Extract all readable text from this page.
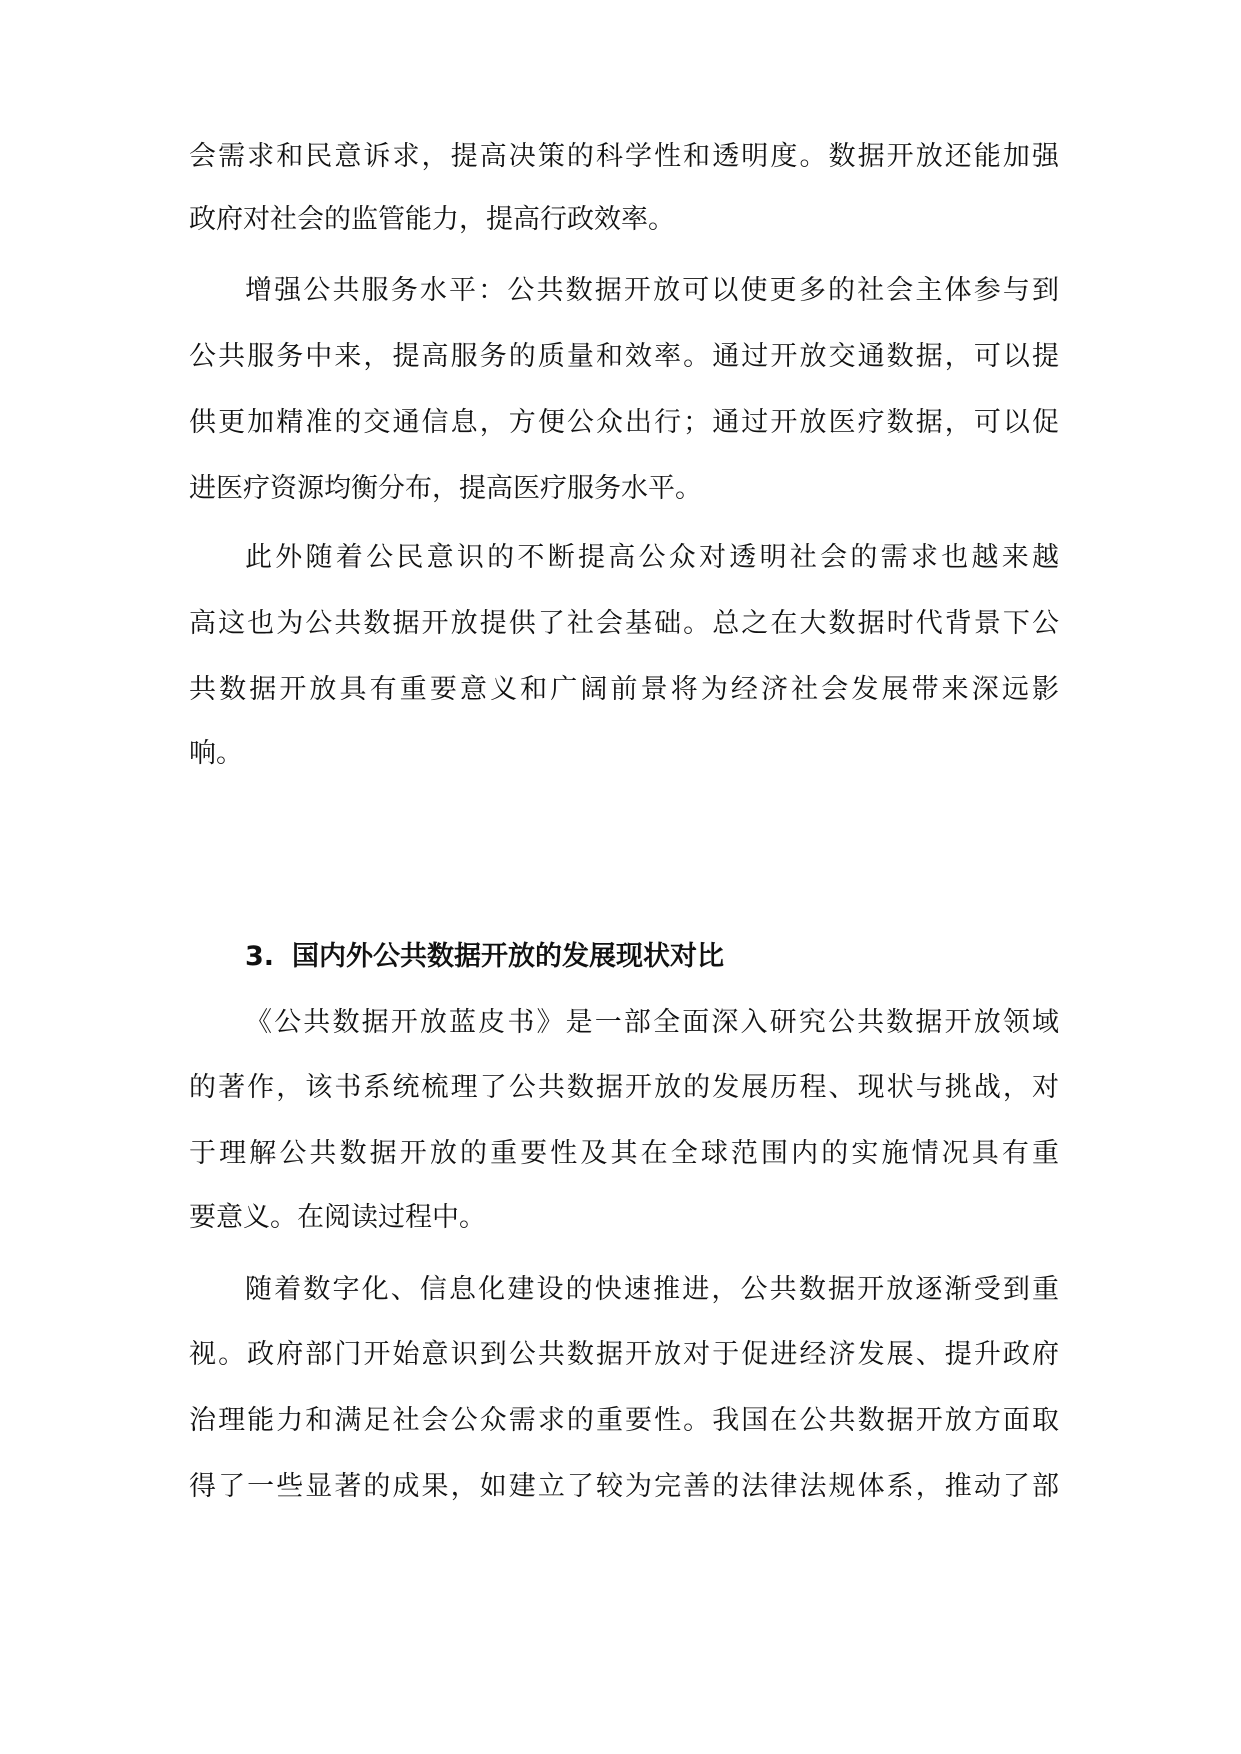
会需求和民意诉求，提高决策的科学性和透明度。数据开放还能加强
政府对社会的监管能力，提高行政效率。
增强公共服务水平：公共数据开放可以使更多的社会主体参与到
公共服务中来，提高服务的质量和效率。通过开放交通数据，可以提
供更加精准的交通信息，方便公众出行；通过开放医疗数据，可以促
进医疗资源均衡分布，提高医疗服务水平。
此外随着公民意识的不断提高公众对透明社会的需求也越来越
高这也为公共数据开放提供了社会基础。总之在大数据时代背景下公
共数据开放具有重要意义和广阔前景将为经济社会发展带来深远影
响。
3. 国内外公共数据开放的发展现状对比
《公共数据开放蓝皮书》是一部全面深入研究公共数据开放领域
的著作，该书系统梳理了公共数据开放的发展历程、现状与挑战，对
于理解公共数据开放的重要性及其在全球范围内的实施情况具有重
要意义。在阅读过程中。
随着数字化、信息化建设的快速推进，公共数据开放逐渐受到重
视。政府部门开始意识到公共数据开放对于促进经济发展、提升政府
治理能力和满足社会公众需求的重要性。我国在公共数据开放方面取
得了一些显著的成果，如建立了较为完善的法律法规体系，推动了部
